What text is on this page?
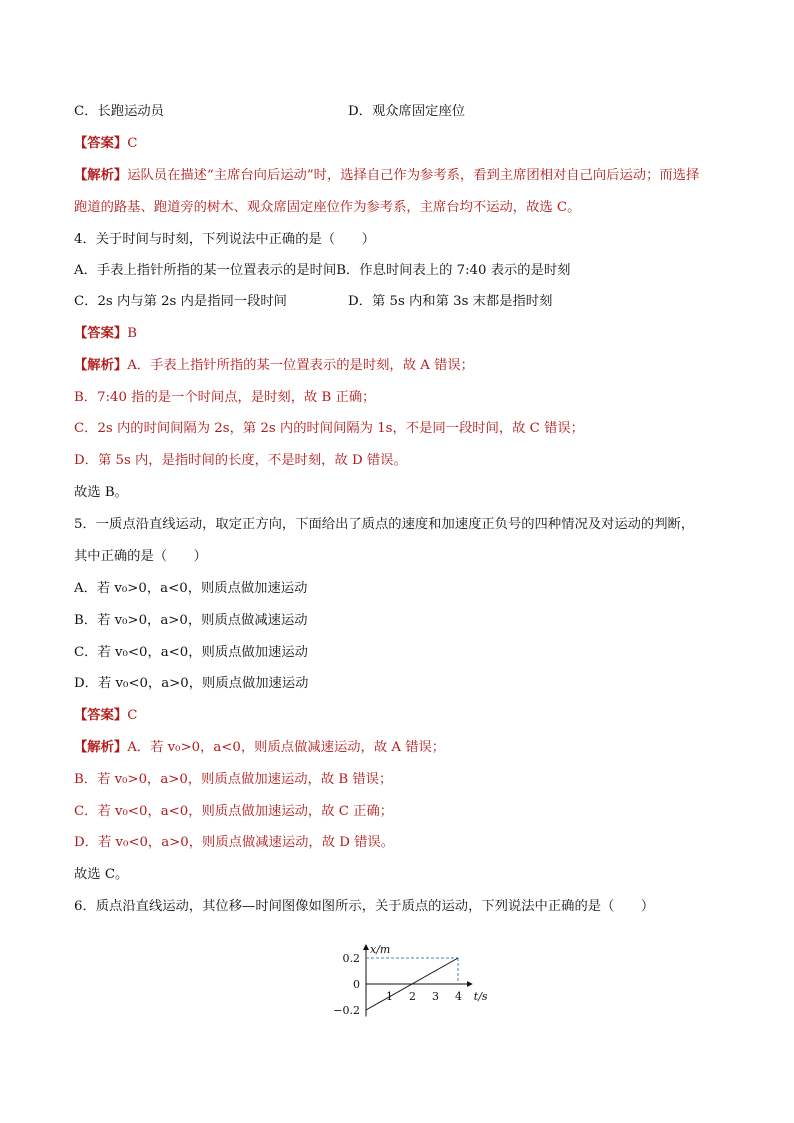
C．长跑运动员	D．观众席固定座位
【答案】C
【解析】运队员在描述“主席台向后运动”时，选择自己作为参考系，看到主席团相对自己向后运动；而选择
跑道的路基、跑道旁的树木、观众席固定座位作为参考系，主席台均不运动，故选 C。
4．关于时间与时刻，下列说法中正确的是（　　）
A．手表上指针所指的某一位置表示的是时间B．作息时间表上的 7:40 表示的是时刻
C．2s 内与第 2s 内是指同一段时间	D．第 5s 内和第 3s 末都是指时刻
【答案】B
【解析】A．手表上指针所指的某一位置表示的是时刻，故 A 错误；
B．7:40 指的是一个时间点，是时刻，故 B 正确；
C．2s 内的时间间隔为 2s，第 2s 内的时间间隔为 1s，不是同一段时间，故 C 错误；
D．第 5s 内，是指时间的长度，不是时刻，故 D 错误。
故选 B。
5．一质点沿直线运动，取定正方向，下面给出了质点的速度和加速度正负号的四种情况及对运动的判断，
其中正确的是（　　）
A．若 v₀>0，a<0，则质点做加速运动
B．若 v₀>0，a>0，则质点做减速运动
C．若 v₀<0，a<0，则质点做加速运动
D．若 v₀<0，a>0，则质点做加速运动
【答案】C
【解析】A．若 v₀>0，a<0，则质点做减速运动，故 A 错误；
B．若 v₀>0，a>0，则质点做加速运动，故 B 错误；
C．若 v₀<0，a<0，则质点做加速运动，故 C 正确；
D．若 v₀<0，a>0，则质点做减速运动，故 D 错误。
故选 C。
6．质点沿直线运动，其位移—时间图像如图所示，关于质点的运动，下列说法中正确的是（　　）
t/s
x/m
1 2 3 4
0.2
0
−0.2
